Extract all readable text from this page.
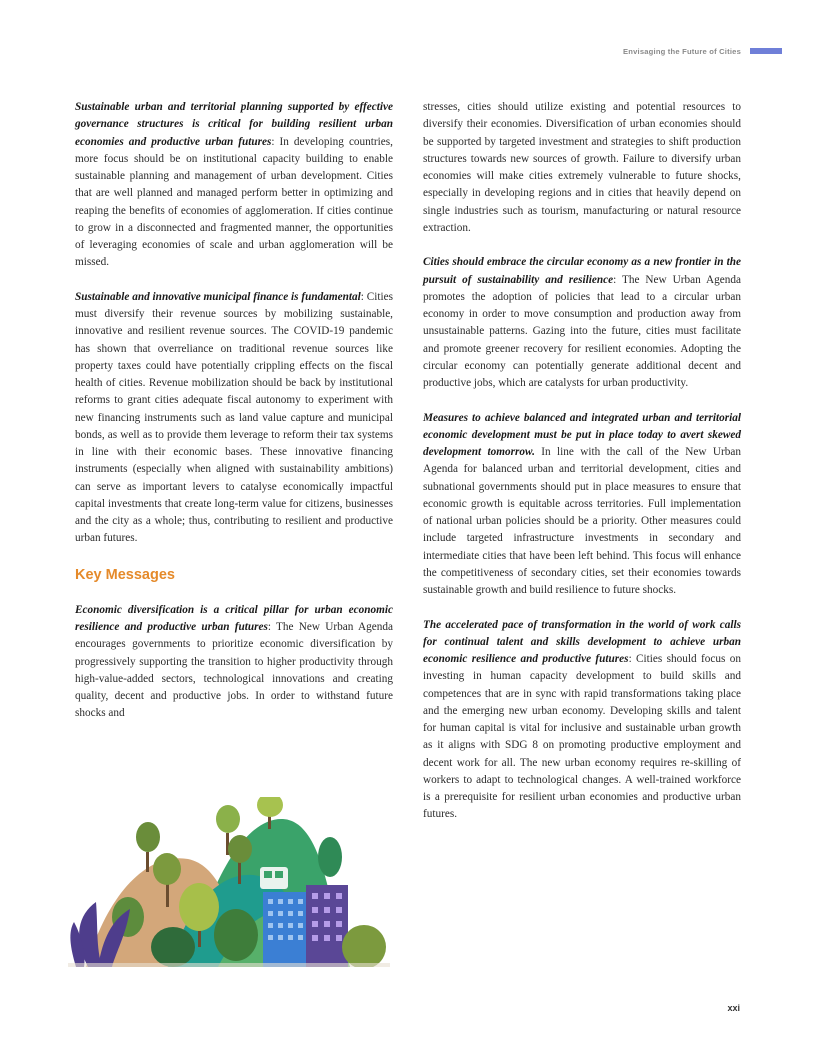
Envisaging the Future of Cities

Sustainable urban and territorial planning supported by effective governance structures is critical for building resilient urban economies and productive urban futures: In developing countries, more focus should be on institutional capacity building to enable sustainable planning and management of urban development. Cities that are well planned and managed perform better in optimizing and reaping the benefits of economies of agglomeration. If cities continue to grow in a disconnected and fragmented manner, the opportunities of leveraging economies of scale and urban agglomeration will be missed.

Sustainable and innovative municipal finance is fundamental: Cities must diversify their revenue sources by mobilizing sustainable, innovative and resilient revenue sources. The COVID-19 pandemic has shown that overreliance on traditional revenue sources like property taxes could have potentially crippling effects on the fiscal health of cities. Revenue mobilization should be back by institutional reforms to grant cities adequate fiscal autonomy to experiment with new financing instruments such as land value capture and municipal bonds, as well as to provide them leverage to reform their tax systems in line with their economic bases. These innovative financing instruments (especially when aligned with sustainability ambitions) can serve as important levers to catalyse economically impactful capital investments that create long-term value for citizens, businesses and the city as a whole; thus, contributing to resilient and productive urban futures.

Key Messages

Economic diversification is a critical pillar for urban economic resilience and productive urban futures: The New Urban Agenda encourages governments to prioritize economic diversification by progressively supporting the transition to higher productivity through high-value-added sectors, technological innovations and creating quality, decent and productive jobs. In order to withstand future shocks and

stresses, cities should utilize existing and potential resources to diversify their economies. Diversification of urban economies should be supported by targeted investment and strategies to shift production structures towards new sources of growth. Failure to diversify urban economies will make cities extremely vulnerable to future shocks, especially in developing regions and in cities that heavily depend on single industries such as tourism, manufacturing or natural resource extraction.

Cities should embrace the circular economy as a new frontier in the pursuit of sustainability and resilience: The New Urban Agenda promotes the adoption of policies that lead to a circular urban economy in order to move consumption and production away from unsustainable patterns. Gazing into the future, cities must facilitate and promote greener recovery for resilient economies. Adopting the circular economy can potentially generate additional decent and productive jobs, which are catalysts for urban productivity.

Measures to achieve balanced and integrated urban and territorial economic development must be put in place today to avert skewed development tomorrow. In line with the call of the New Urban Agenda for balanced urban and territorial development, cities and subnational governments should put in place measures to ensure that economic growth is equitable across territories. Full implementation of national urban policies should be a priority. Other measures could include targeted infrastructure investments in secondary and intermediate cities that have been left behind. This focus will enhance the competitiveness of secondary cities, set their economies towards sustainable growth and build resilience to future shocks.

The accelerated pace of transformation in the world of work calls for continual talent and skills development to achieve urban economic resilience and productive futures: Cities should focus on investing in human capacity development to build skills and competences that are in sync with rapid transformations taking place and the emerging new urban economy. Developing skills and talent for human capital is vital for inclusive and sustainable urban growth as it aligns with SDG 8 on promoting productive employment and decent work for all. The new urban economy requires re-skilling of workers to adapt to technological changes. A well-trained workforce is a prerequisite for resilient urban economies and productive urban futures.

xxi
